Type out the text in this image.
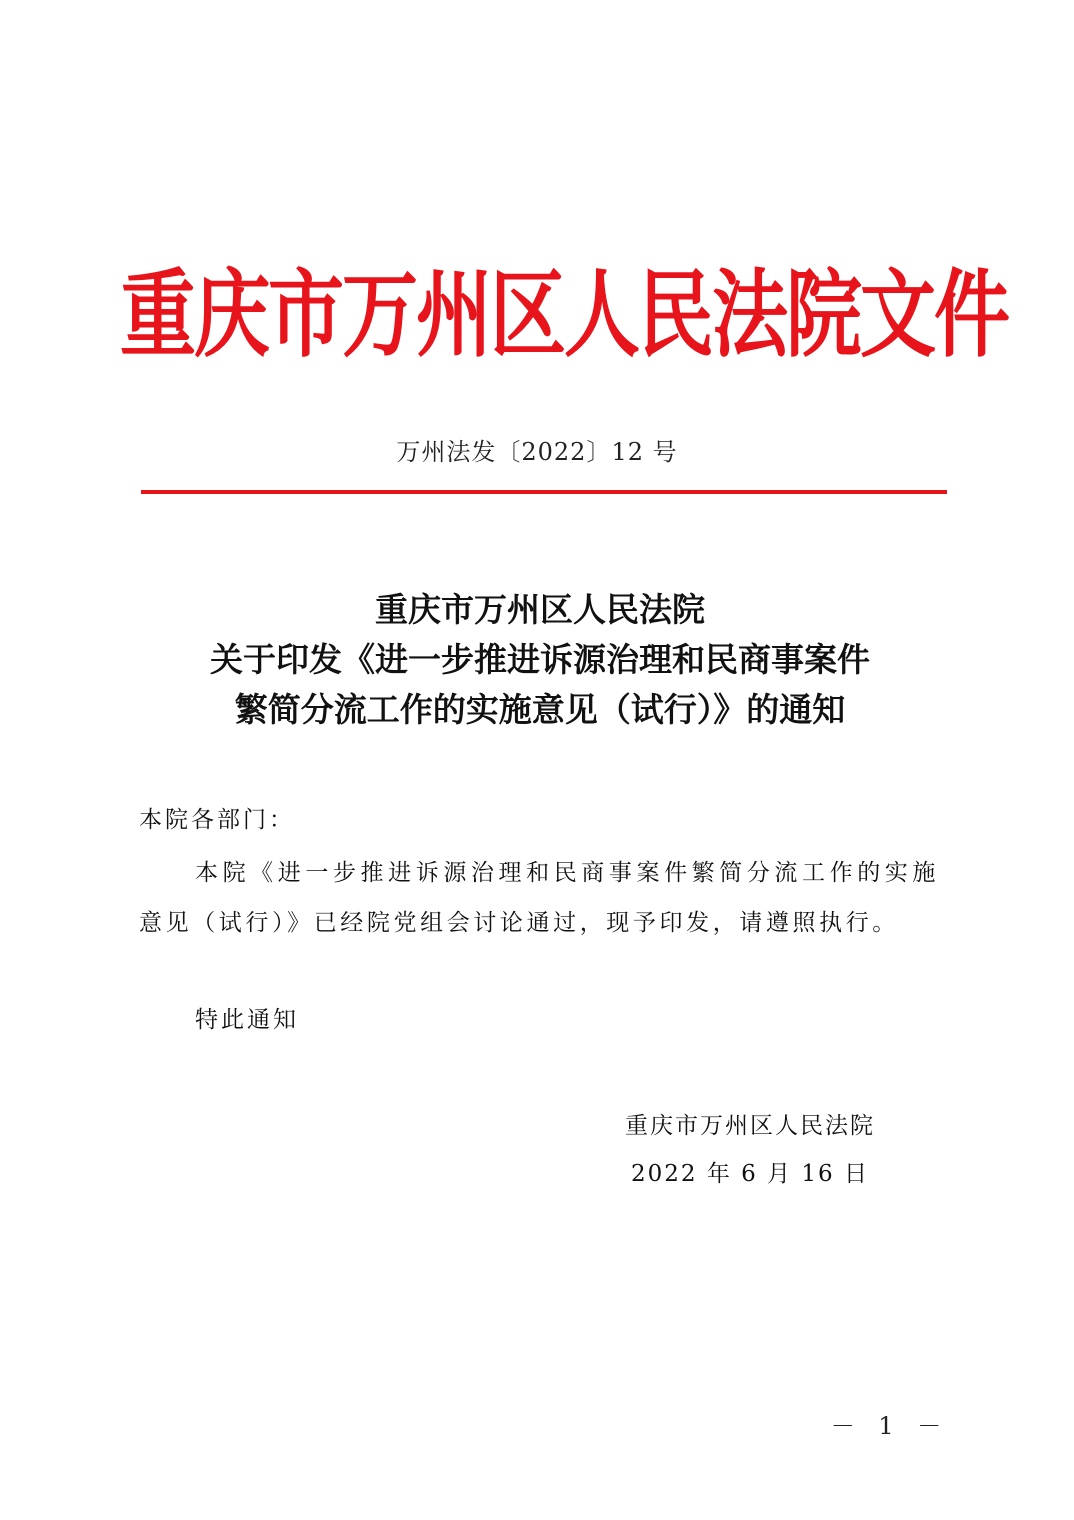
重庆市万州区人民法院文件
万州法发〔2022〕12 号
重庆市万州区人民法院
关于印发《进一步推进诉源治理和民商事案件
繁简分流工作的实施意见（试行）》的通知
本院各部门：
本院《进一步推进诉源治理和民商事案件繁简分流工作的实施意见（试行）》已经院党组会讨论通过，现予印发，请遵照执行。
特此通知
重庆市万州区人民法院
2022 年 6 月 16 日
－ 1 －
